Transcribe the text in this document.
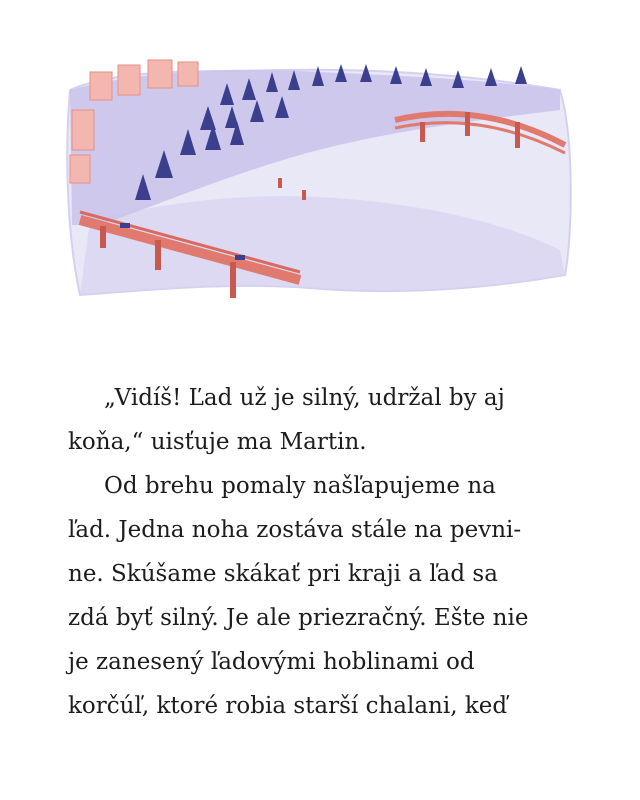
„Vidíš! Ľad už je silný, udržal by aj
koňa,“ uisťuje ma Martin.
Od brehu pomaly našľapujeme na
ľad. Jedna noha zostáva stále na pevni-
ne. Skúšame skákať pri kraji a ľad sa
zdá byť silný. Je ale priezračný. Ešte nie
je zanesený ľadovými hoblinami od
korčúľ, ktoré robia starší chalani, keď
